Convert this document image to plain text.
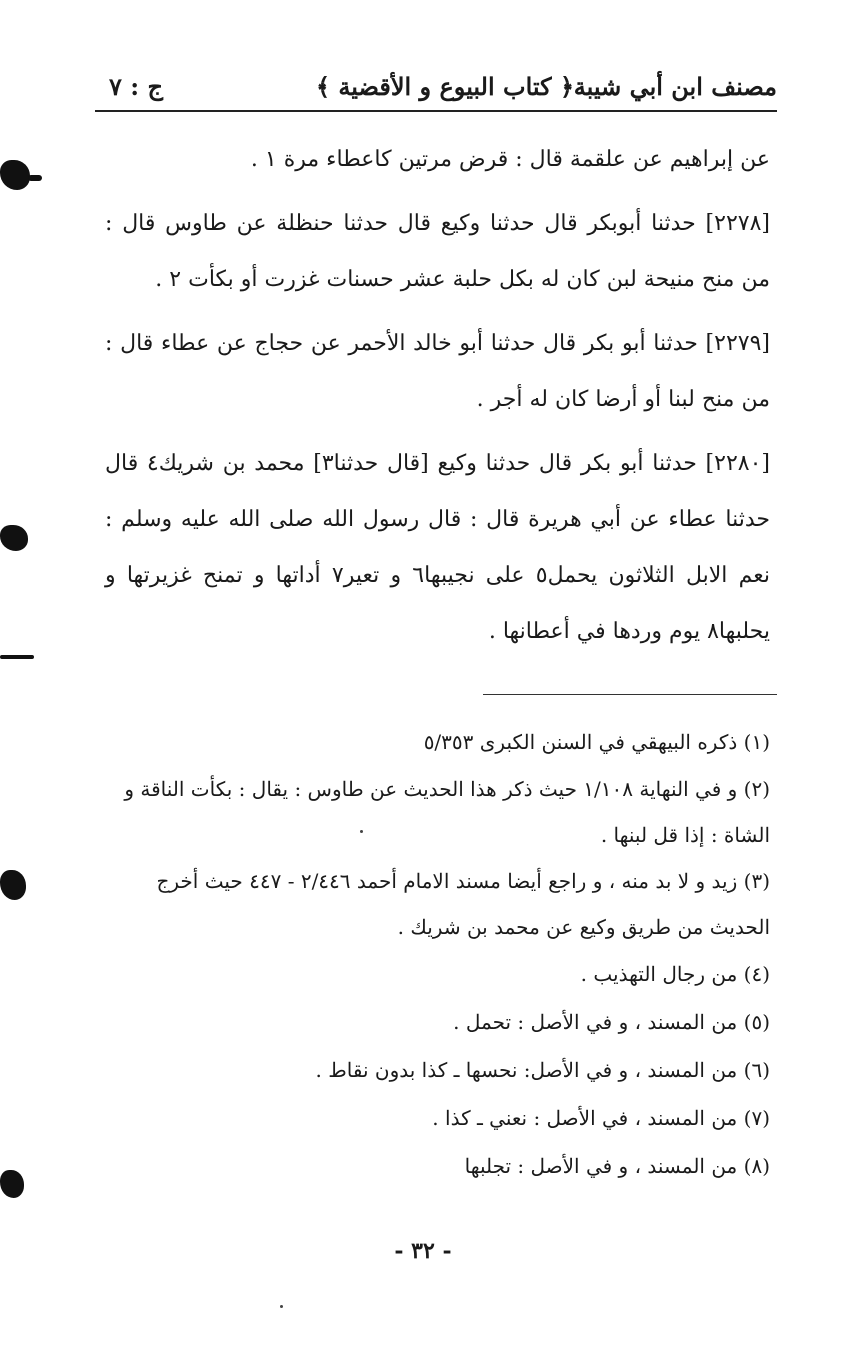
مصنف ابن أبي شيبة
﴿ كتاب البيوع و الأقضية ﴾
ج : ٧

عن إبراهيم عن علقمة قال : قرض مرتين كاعطاء مرة ١ .

[٢٢٧٨] حدثنا أبوبكر قال حدثنا وكيع قال حدثنا حنظلة عن طاوس قال : من منح منيحة لبن كان له بكل حلبة عشر حسنات غزرت أو بكأت ٢ .

[٢٢٧٩] حدثنا أبو بكر قال حدثنا أبو خالد الأحمر عن حجاج عن عطاء قال : من منح لبنا أو أرضا كان له أجر .

[٢٢٨٠] حدثنا أبو بكر قال حدثنا وكيع [قال حدثنا٣] محمد بن شريك٤ قال حدثنا عطاء عن أبي هريرة قال : قال رسول الله صلى الله عليه وسلم : نعم الابل الثلاثون يحمل٥ على نجيبها٦ و تعير٧ أداتها و تمنح غزيرتها و يحلبها٨ يوم وردها في أعطانها .

(١) ذكره البيهقي في السنن الكبرى ٥/٣٥٣
(٢) و في النهاية ١/١٠٨ حيث ذكر هذا الحديث عن طاوس : يقال : بكأت الناقة و الشاة : إذا قل لبنها .
(٣) زيد و لا بد منه ، و راجع أيضا مسند الامام أحمد ٢/٤٤٦ - ٤٤٧ حيث أخرج الحديث من طريق وكيع عن محمد بن شريك .
(٤) من رجال التهذيب .
(٥) من المسند ، و في الأصل : تحمل .
(٦) من المسند ، و في الأصل: نحسها ـ كذا بدون نقاط .
(٧) من المسند ، في الأصل : نعني ـ كذا .
(٨) من المسند ، و في الأصل : تجلبها
- ٣٢ -
